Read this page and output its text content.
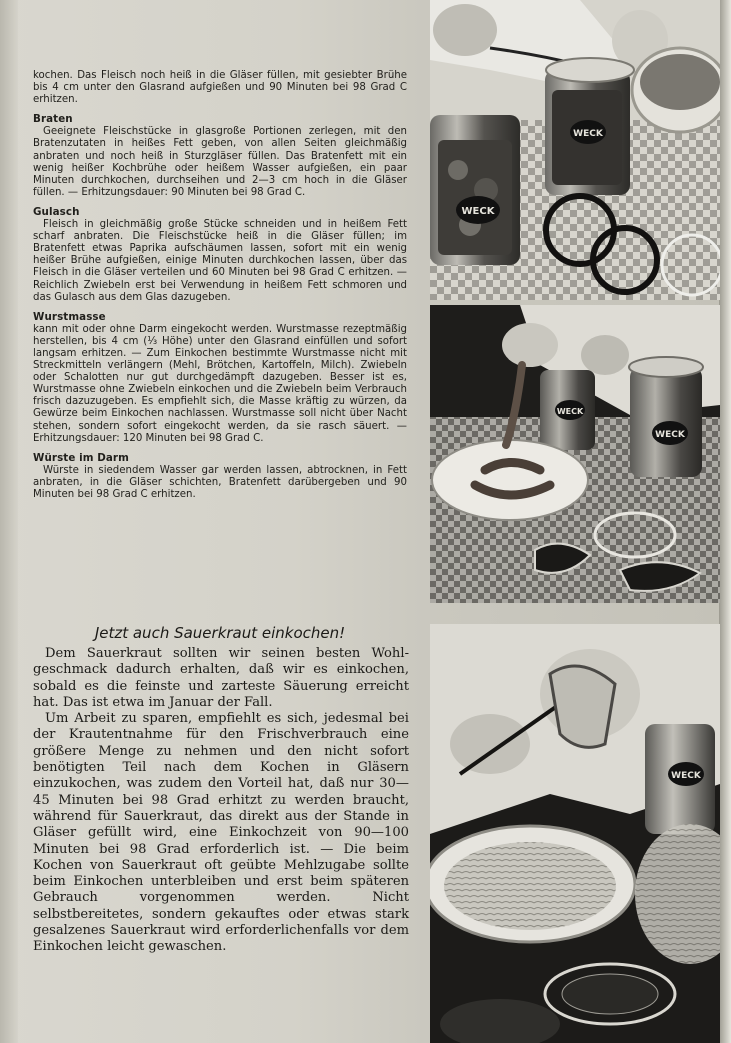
kochen. Das Fleisch noch heiß in die Gläser füllen, mit gesiebter Brühe bis 4 cm unter den Glasrand aufgießen und 90 Minuten bei 98 Grad C erhitzen.

Braten

Geeignete Fleischstücke in glasgroße Portionen zerlegen, mit den Bratenzutaten in heißes Fett geben, von allen Seiten gleichmäßig anbraten und noch heiß in Sturzgläser füllen. Das Bratenfett mit ein wenig heißer Kochbrühe oder heißem Wasser aufgießen, ein paar Minuten durchkochen, durchseihen und 2—3 cm hoch in die Gläser füllen. — Erhitzungsdauer: 90 Minuten bei 98 Grad C.

Gulasch

Fleisch in gleichmäßig große Stücke schneiden und in heißem Fett scharf anbraten. Die Fleischstücke heiß in die Gläser füllen; im Bratenfett etwas Paprika aufschäumen lassen, sofort mit ein wenig heißer Brühe aufgießen, einige Minuten durchkochen lassen, über das Fleisch in die Gläser verteilen und 60 Minuten bei 98 Grad C erhitzen. — Reichlich Zwiebeln erst bei Verwendung in heißem Fett schmoren und das Gulasch aus dem Glas dazugeben.

Wurstmasse

kann mit oder ohne Darm eingekocht werden. Wurstmasse rezeptmäßig herstellen, bis 4 cm (⅓ Höhe) unter den Glasrand einfüllen und sofort langsam erhitzen. — Zum Einkochen bestimmte Wurstmasse nicht mit Streckmitteln verlängern (Mehl, Brötchen, Kartoffeln, Milch). Zwiebeln oder Schalotten nur gut durchgedämpft dazugeben. Besser ist es, Wurstmasse ohne Zwiebeln einkochen und die Zwiebeln beim Verbrauch frisch dazuzugeben. Es empfiehlt sich, die Masse kräftig zu würzen, da Gewürze beim Einkochen nachlassen. Wurstmasse soll nicht über Nacht stehen, sondern sofort eingekocht werden, da sie rasch säuert. — Erhitzungsdauer: 120 Minuten bei 98 Grad C.

Würste im Darm

Würste in siedendem Wasser gar werden lassen, abtrocknen, in Fett anbraten, in die Gläser schichten, Bratenfett darübergeben und 90 Minuten bei 98 Grad C erhitzen.

Jetzt auch Sauerkraut einkochen!

Dem Sauerkraut sollten wir seinen besten Wohlgeschmack dadurch erhalten, daß wir es einkochen, sobald es die feinste und zarteste Säuerung erreicht hat. Das ist etwa im Januar der Fall.

Um Arbeit zu sparen, empfiehlt es sich, jedesmal bei der Krautentnahme für den Frischverbrauch eine größere Menge zu nehmen und den nicht sofort benötigten Teil nach dem Kochen in Gläsern einzukochen, was zudem den Vorteil hat, daß nur 30—45 Minuten bei 98 Grad erhitzt zu werden braucht, während für Sauerkraut, das direkt aus der Stande in Gläser gefüllt wird, eine Einkochzeit von 90—100 Minuten bei 98 Grad erforderlich ist. — Die beim Kochen von Sauerkraut oft geübte Mehlzugabe sollte beim Einkochen unterbleiben und erst beim späteren Gebrauch vorgenommen werden. Nicht selbstbereitetes, sondern gekauftes oder etwas stark gesalzenes Sauerkraut wird erforderlichenfalls vor dem Einkochen leicht gewaschen.

WECK
WECK
WECK
WECK
WECK
